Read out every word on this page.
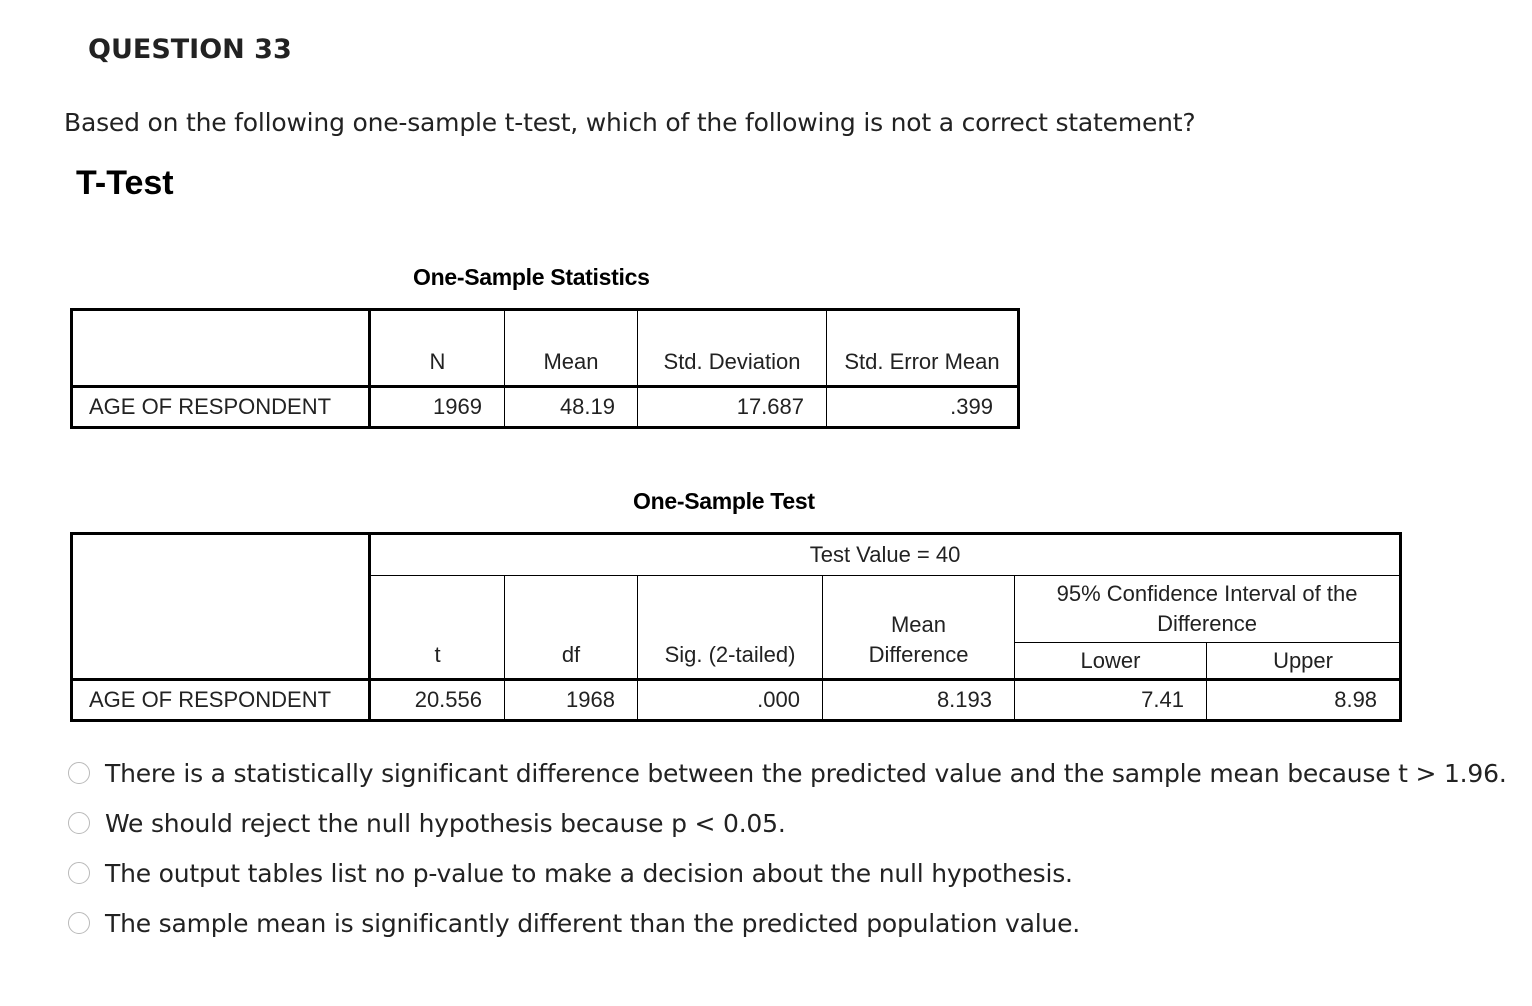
QUESTION 33
Based on the following one-sample t-test, which of the following is not a correct statement?
T-Test
One-Sample Statistics
	N	Mean	Std. Deviation	Std. Error Mean
AGE OF RESPONDENT	1969	48.19	17.687	.399
One-Sample Test
	Test Value = 40					
	t	df	Sig. (2-tailed)	Mean Difference	95% Confidence Interval of the Difference	
					Lower	Upper
AGE OF RESPONDENT	20.556	1968	.000	8.193	7.41	8.98
There is a statistically significant difference between the predicted value and the sample mean because t > 1.96.
We should reject the null hypothesis because p < 0.05.
The output tables list no p-value to make a decision about the null hypothesis.
The sample mean is significantly different than the predicted population value.
